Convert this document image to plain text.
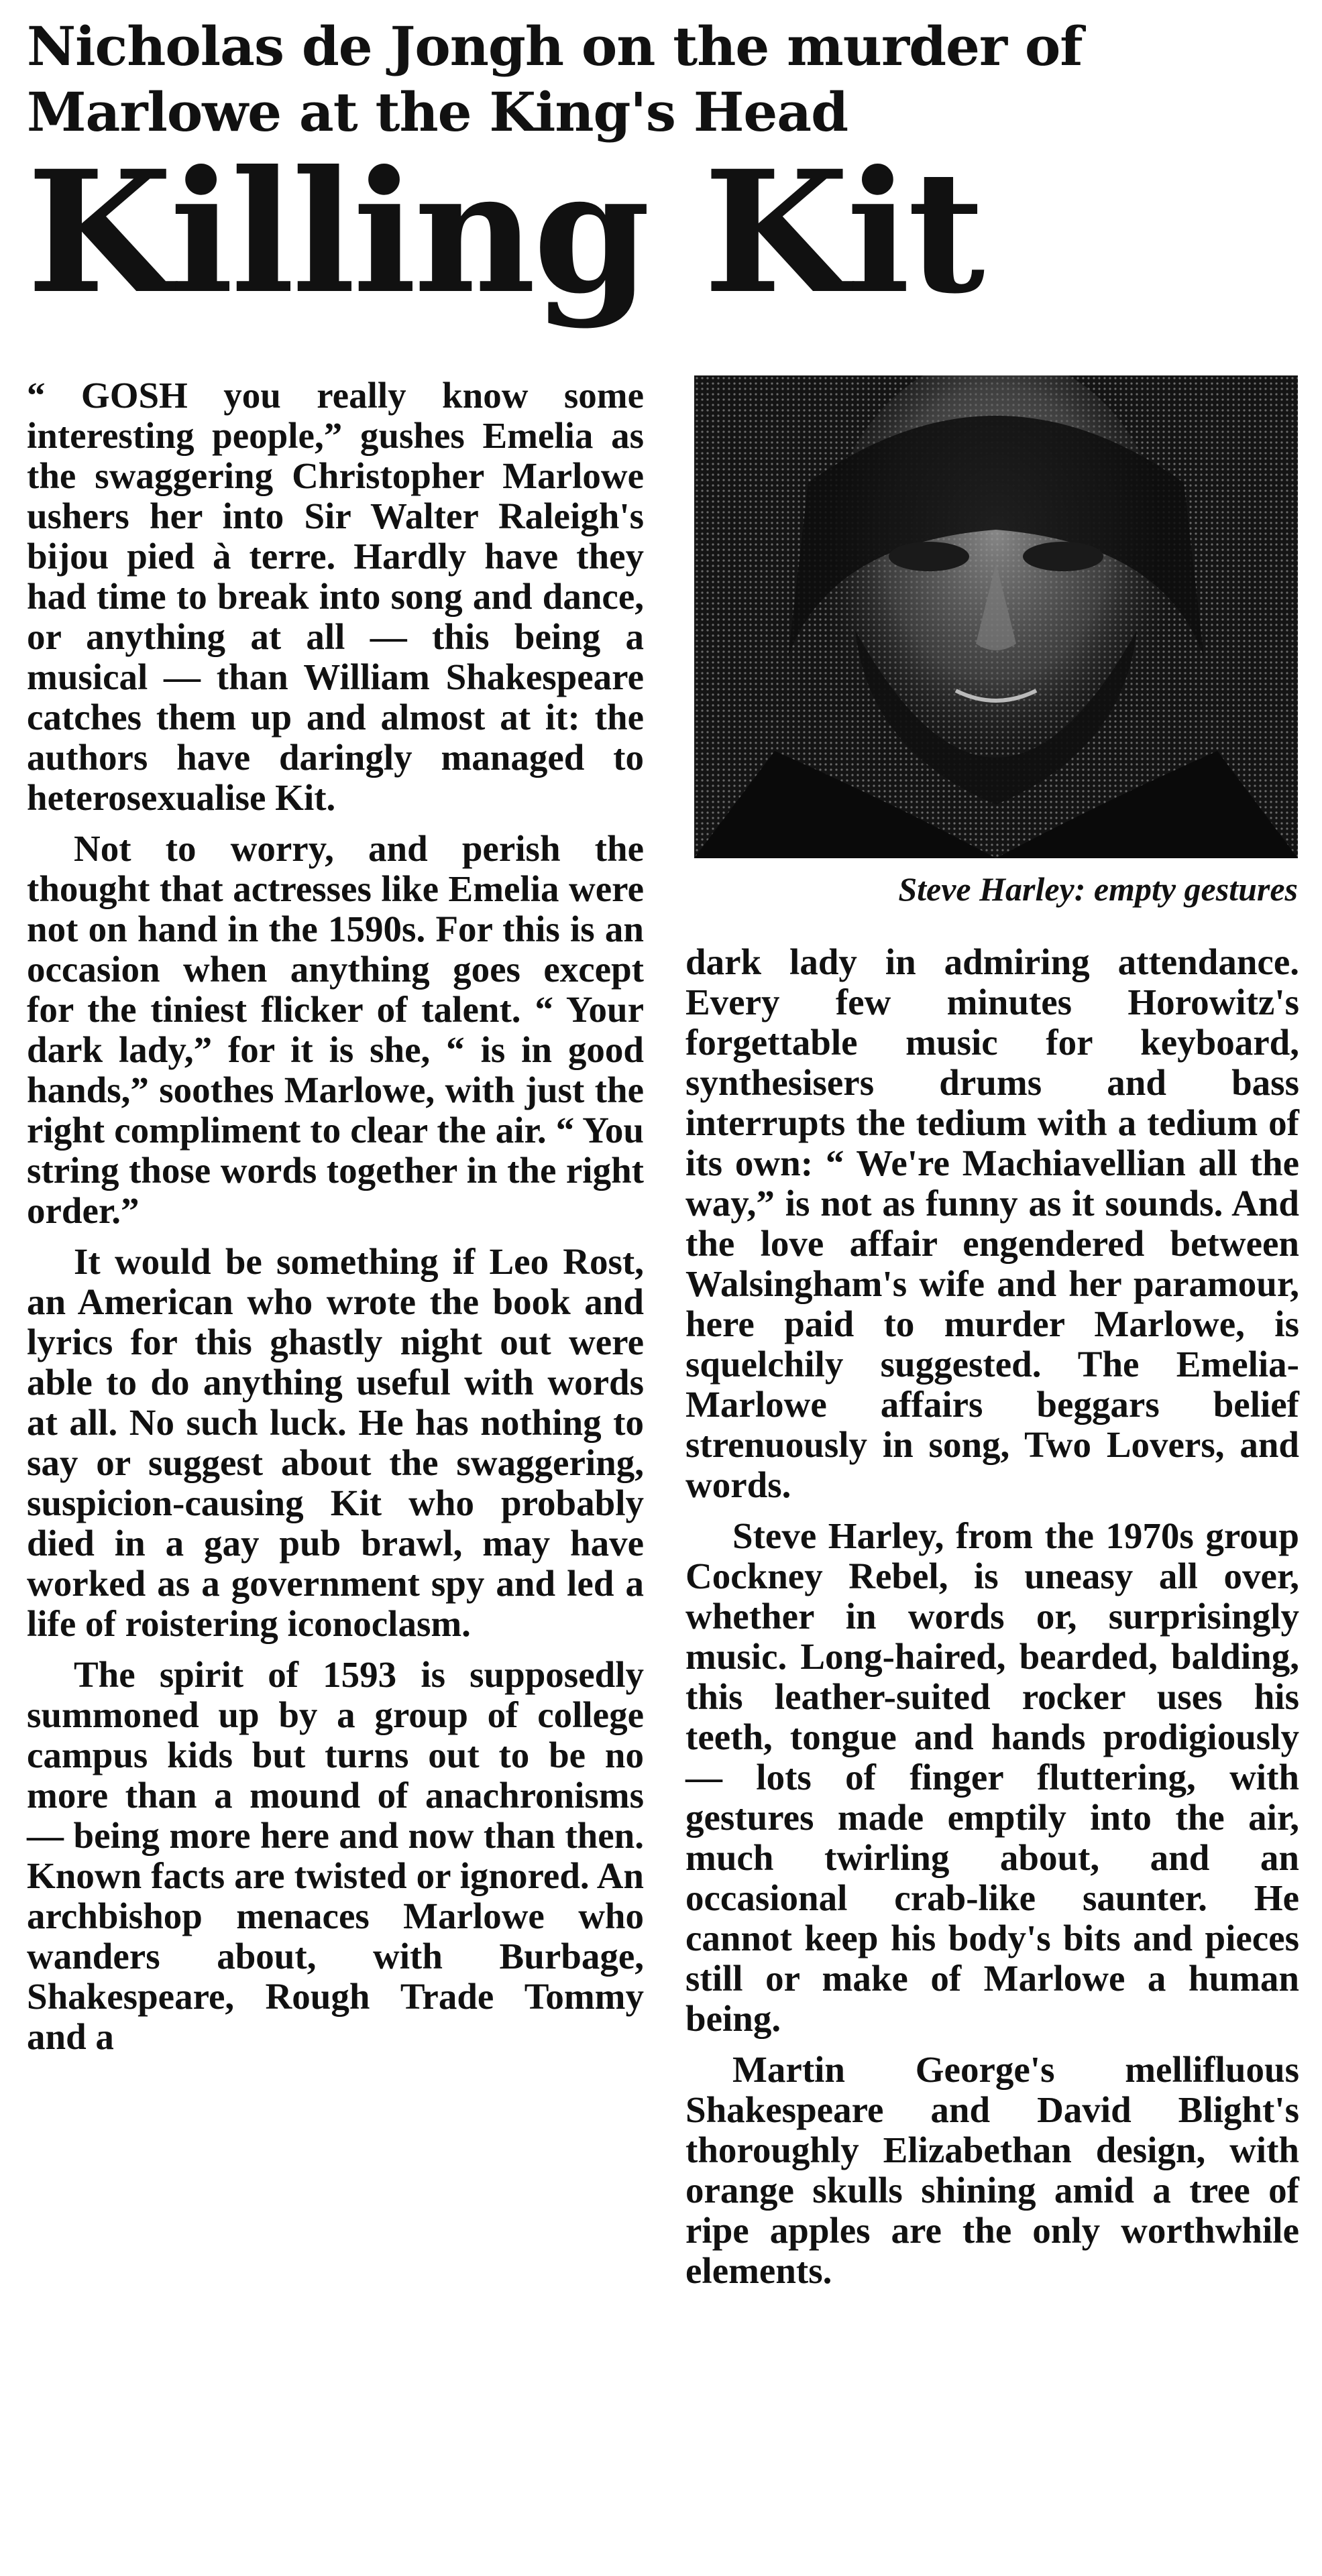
Nicholas de Jongh on the murder of Marlowe at the King's Head
Killing Kit

“ GOSH you really know some interesting people,” gushes Emelia as the swaggering Christopher Marlowe ushers her into Sir Walter Raleigh's bijou pied à terre. Hardly have they had time to break into song and dance, or anything at all — this being a musical — than William Shakespeare catches them up and almost at it: the authors have daringly managed to heterosexualise Kit.

Not to worry, and perish the thought that actresses like Emelia were not on hand in the 1590s. For this is an occasion when anything goes except for the tiniest flicker of talent. “ Your dark lady,” for it is she, “ is in good hands,” soothes Marlowe, with just the right compliment to clear the air. “ You string those words together in the right order.”

It would be something if Leo Rost, an American who wrote the book and lyrics for this ghastly night out were able to do anything useful with words at all. No such luck. He has nothing to say or suggest about the swaggering, suspicion-causing Kit who probably died in a gay pub brawl, may have worked as a government spy and led a life of roistering iconoclasm.

The spirit of 1593 is supposedly summoned up by a group of college campus kids but turns out to be no more than a mound of anachronisms — being more here and now than then. Known facts are twisted or ignored. An archbishop menaces Marlowe who wanders about, with Burbage, Shakespeare, Rough Trade Tommy and a

Steve Harley: empty gestures

dark lady in admiring attendance. Every few minutes Horowitz's forgettable music for keyboard, synthesisers drums and bass interrupts the tedium with a tedium of its own: “ We're Machiavellian all the way,” is not as funny as it sounds. And the love affair engendered between Walsingham's wife and her paramour, here paid to murder Marlowe, is squelchily suggested. The Emelia-Marlowe affairs beggars belief strenuously in song, Two Lovers, and words.

Steve Harley, from the 1970s group Cockney Rebel, is uneasy all over, whether in words or, surprisingly music. Long-haired, bearded, balding, this leather-suited rocker uses his teeth, tongue and hands prodigiously — lots of finger fluttering, with gestures made emptily into the air, much twirling about, and an occasional crab-like saunter. He cannot keep his body's bits and pieces still or make of Marlowe a human being.

Martin George's mellifluous Shakespeare and David Blight's thoroughly Elizabethan design, with orange skulls shining amid a tree of ripe apples are the only worthwhile elements.
